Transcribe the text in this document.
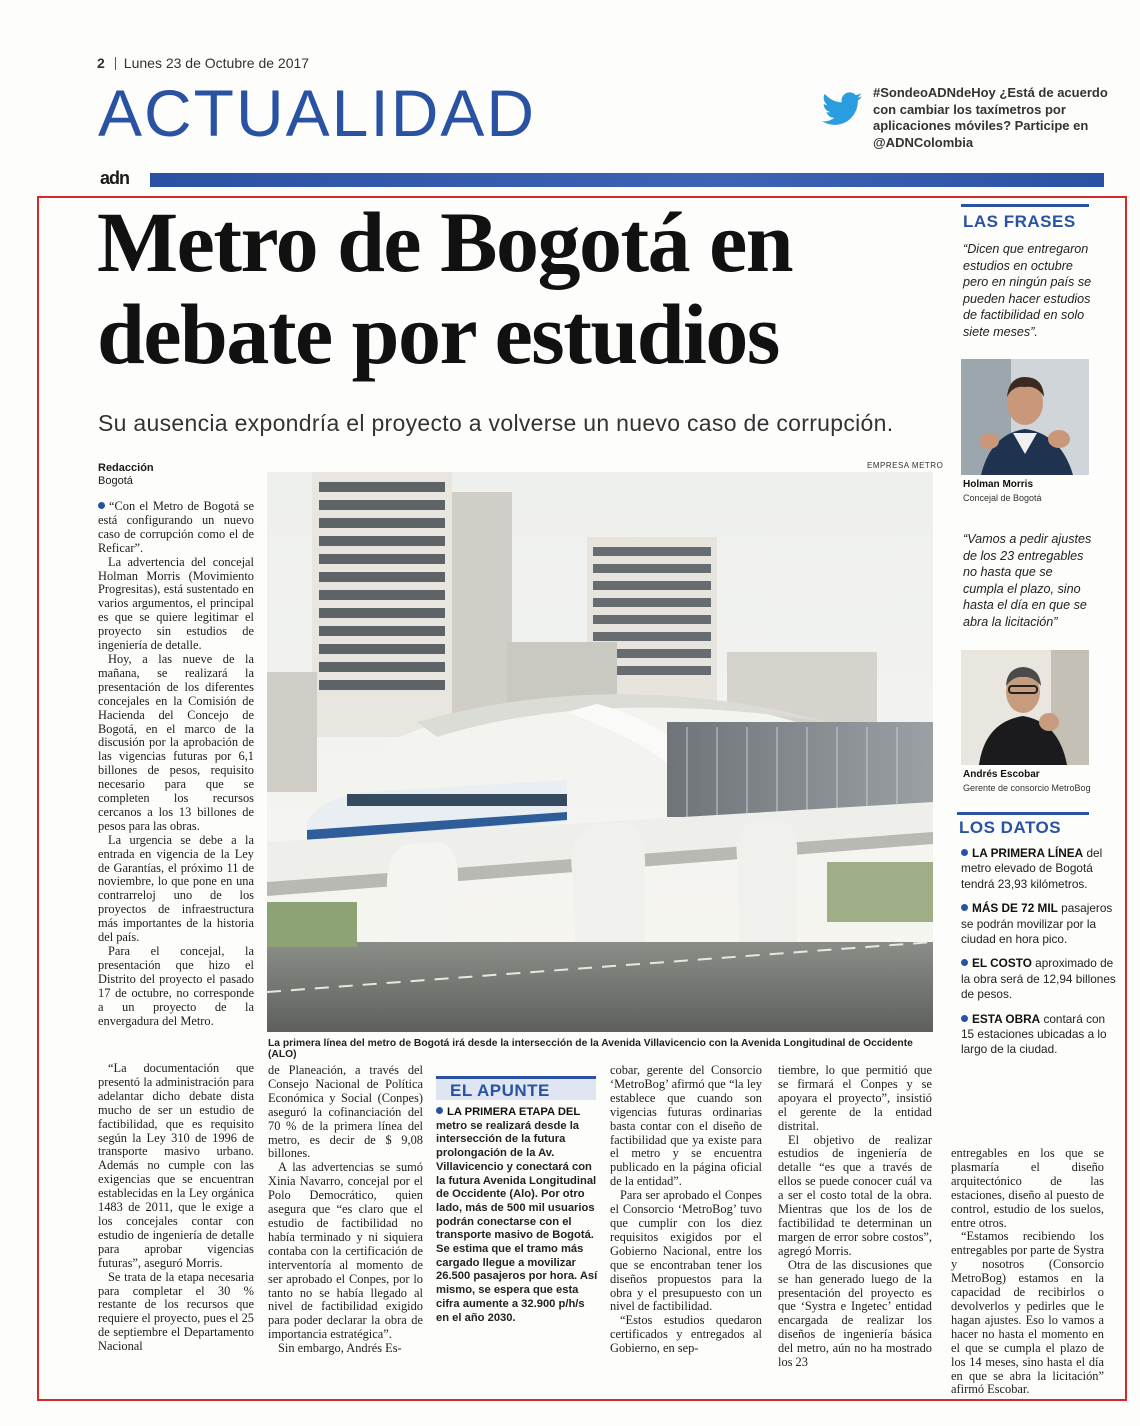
2 Lunes 23 de Octubre de 2017
ACTUALIDAD	#SondeoADNdeHoy ¿Está de acuerdo con cambiar los taxímetros por aplicaciones móviles? Participe en @ADNColombia
adn
Metro de Bogotá en
debate por estudios
Su ausencia expondría el proyecto a volverse un nuevo caso de corrupción.
Redacción
Bogotá

“Con el Metro de Bogotá se está configurando un nuevo caso de corrupción como el de Reficar”.

La advertencia del concejal Holman Morris (Movimiento Progresitas), está sustentado en varios argumentos, el principal es que se quiere legitimar el proyecto sin estudios de ingeniería de detalle.

Hoy, a las nueve de la mañana, se realizará la presentación de los diferentes concejales en la Comisión de Hacienda del Concejo de Bogotá, en el marco de la discusión por la aprobación de las vigencias futuras por 6,1 billones de pesos, requisito necesario para que se completen los recursos cercanos a los 13 billones de pesos para las obras.

La urgencia se debe a la entrada en vigencia de la Ley de Garantías, el próximo 11 de noviembre, lo que pone en una contrarreloj uno de los proyectos de infraestructura más importantes de la historia del país.

Para el concejal, la presentación que hizo el Distrito del proyecto el pasado 17 de octubre, no corresponde a un proyecto de la envergadura del Metro.

“La documentación que presentó la administración para adelantar dicho debate dista mucho de ser un estudio de factibilidad, que es requisito según la Ley 310 de 1996 de transporte masivo urbano. Además no cumple con las exigencias que se encuentran establecidas en la Ley orgánica 1483 de 2011, que le exige a los concejales contar con estudio de ingeniería de detalle para aprobar vigencias futuras”, aseguró Morris.

Se trata de la etapa necesaria para completar el 30 % restante de los recursos que requiere el proyecto, pues el 25 de septiembre el Departamento Nacional

EMPRESA METRO
La primera línea del metro de Bogotá irá desde la intersección de la Avenida Villavicencio con la Avenida Longitudinal de Occidente (ALO)

de Planeación, a través del Consejo Nacional de Política Económica y Social (Conpes) aseguró la cofinanciación del 70 % de la primera línea del metro, es decir de $ 9,08 billones.

A las advertencias se sumó Xinia Navarro, concejal por el Polo Democrático, quien asegura que “es claro que el estudio de factibilidad no había terminado y ni siquiera contaba con la certificación de interventoría al momento de ser aprobado el Conpes, por lo tanto no se había llegado al nivel de factibilidad exigido para poder declarar la obra de importancia estratégica”.

Sin embargo, Andrés Es-

EL APUNTE
LA PRIMERA ETAPA DEL metro se realizará desde la intersección de la futura prolongación de la Av. Villavicencio y conectará con la futura Avenida Longitudinal de Occidente (Alo). Por otro lado, más de 500 mil usuarios podrán conectarse con el transporte masivo de Bogotá. Se estima que el tramo más cargado llegue a movilizar 26.500 pasajeros por hora. Así mismo, se espera que esta cifra aumente a 32.900 p/h/s en el año 2030.

cobar, gerente del Consorcio ‘MetroBog’ afirmó que “la ley establece que cuando son vigencias futuras ordinarias basta contar con el diseño de factibilidad que ya existe para el metro y se encuentra publicado en la página oficial de la entidad”.

Para ser aprobado el Conpes el Consorcio ‘MetroBog’ tuvo que cumplir con los diez requisitos exigidos por el Gobierno Nacional, entre los que se encontraban tener los diseños propuestos para la obra y el presupuesto con un nivel de factibilidad.

“Estos estudios quedaron certificados y entregados al Gobierno, en sep-

tiembre, lo que permitió que se firmará el Conpes y se apoyara el proyecto”, insistió el gerente de la entidad distrital.

El objetivo de realizar estudios de ingeniería de detalle “es que a través de ellos se puede conocer cuál va a ser el costo total de la obra. Mientras que los de los de factibilidad te determinan un margen de error sobre costos”, agregó Morris.

Otra de las discusiones que se han generado luego de la presentación del proyecto es que ‘Systra e Ingetec’ entidad encargada de realizar los diseños de ingeniería básica del metro, aún no ha mostrado los 23

entregables en los que se plasmaría el diseño arquitectónico de las estaciones, diseño al puesto de control, estudio de los suelos, entre otros.

“Estamos recibiendo los entregables por parte de Systra y nosotros (Consorcio MetroBog) estamos en la capacidad de recibirlos o devolverlos y pedirles que le hagan ajustes. Eso lo vamos a hacer no hasta el momento en el que se cumpla el plazo de los 14 meses, sino hasta el día en que se abra la licitación” afirmó Escobar.

LAS FRASES
“Dicen que entregaron estudios en octubre pero en ningún país se pueden hacer estudios de factibilidad en solo siete meses”.
Holman Morris
Concejal de Bogotá
“Vamos a pedir ajustes de los 23 entregables no hasta que se cumpla el plazo, sino hasta el día en que se abra la licitación”
Andrés Escobar
Gerente de consorcio MetroBog
LOS DATOS
LA PRIMERA LÍNEA del metro elevado de Bogotá tendrá 23,93 kilómetros.
MÁS DE 72 MIL pasajeros se podrán movilizar por la ciudad en hora pico.
EL COSTO aproximado de la obra será de 12,94 billones de pesos.
ESTA OBRA contará con 15 estaciones ubicadas a lo largo de la ciudad.
